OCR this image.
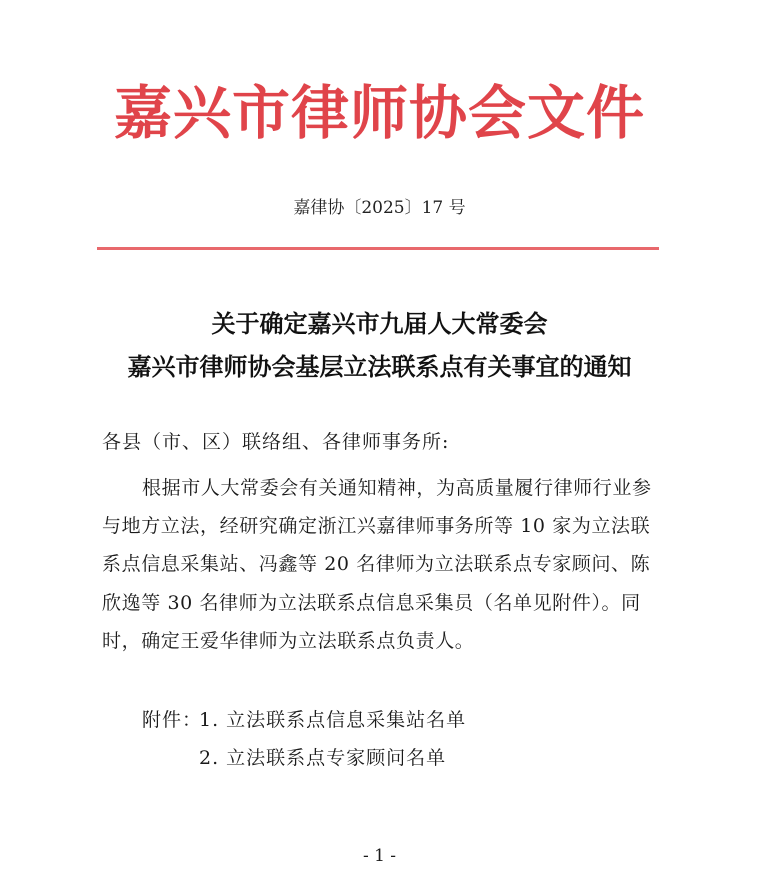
嘉兴市律师协会文件
嘉律协〔2025〕17 号
关于确定嘉兴市九届人大常委会
嘉兴市律师协会基层立法联系点有关事宜的通知
各县（市、区）联络组、各律师事务所:
根据市人大常委会有关通知精神，为高质量履行律师行业参
与地方立法，经研究确定浙江兴嘉律师事务所等 10 家为立法联
系点信息采集站、冯鑫等 20 名律师为立法联系点专家顾问、陈
欣逸等 30 名律师为立法联系点信息采集员（名单见附件）。同
时，确定王爱华律师为立法联系点负责人。
附件：
1. 立法联系点信息采集站名单
2. 立法联系点专家顾问名单
- 1 -
